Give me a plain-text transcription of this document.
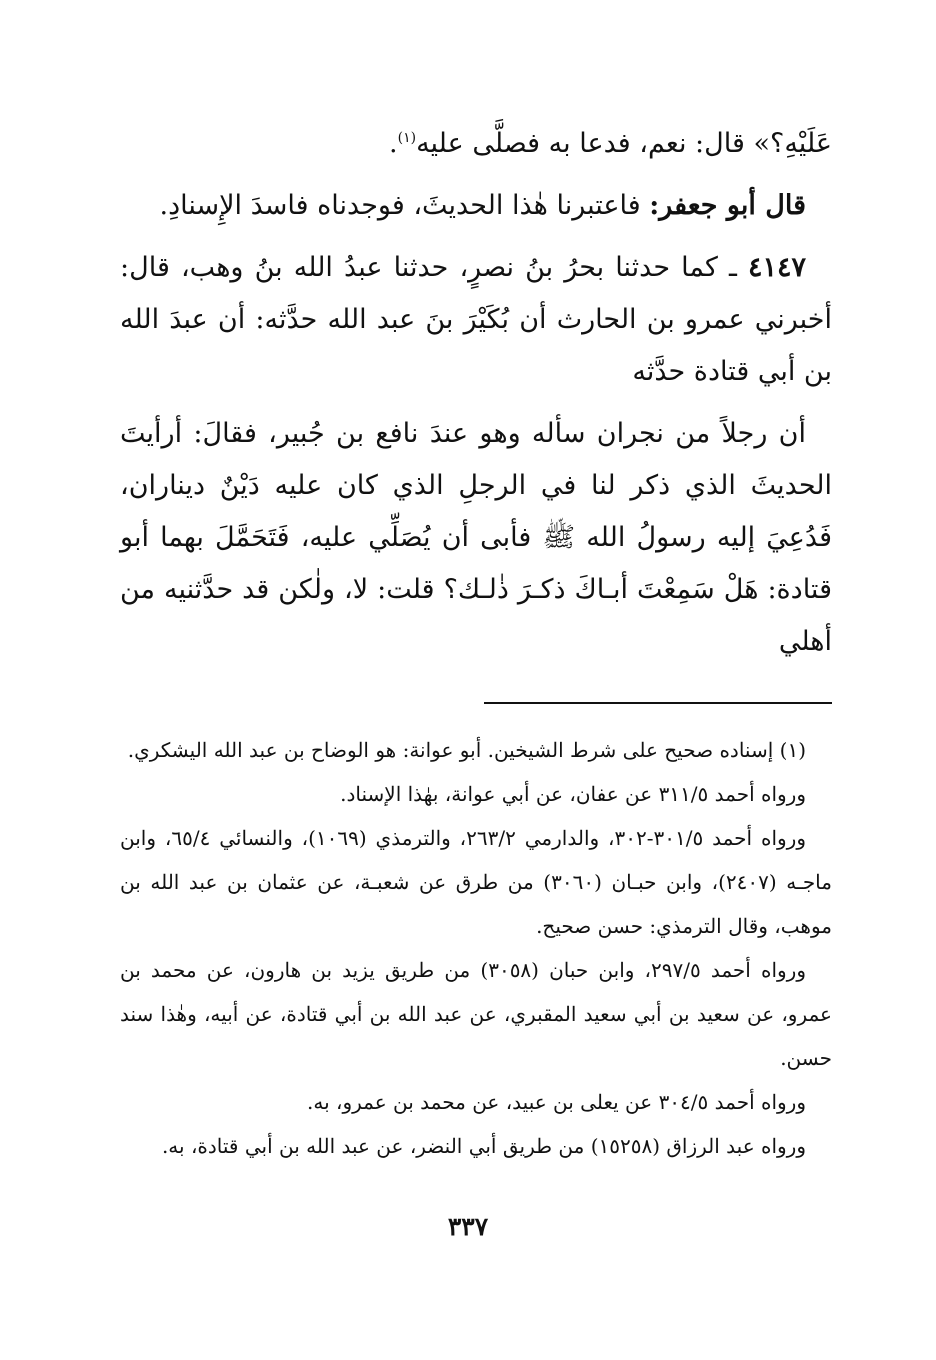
عَلَيْهِ؟» قال: نعم، فدعا به فصلَّى عليه$^{(١)}$.

قال أبو جعفر: فاعتبرنا هٰذا الحديثَ، فوجدناه فاسدَ الإِسنادِ.

٤١٤٧ ـ كما حدثنا بحرُ بنُ نصرٍ، حدثنا عبدُ الله بنُ وهب، قال: أخبرني عمرو بن الحارث أن بُكَيْرَ بنَ عبد الله حدَّثه: أن عبدَ الله بن أبي قتادة حدَّثه

أن رجلاً من نجران سأله وهو عندَ نافع بن جُبير، فقالَ: أرأيتَ الحديثَ الذي ذكر لنا في الرجلِ الذي كان عليه دَيْنٌ ديناران، فَدُعِيَ إليه رسولُ الله ﷺ فأبى أن يُصَلِّي عليه، فَتَحَمَّلَ بهما أبو قتادة: هَلْ سَمِعْتَ أبـاكَ ذكـرَ ذٰلـك؟ قلت: لا، ولٰكن قد حدَّثنيه من أهلي

(١) إسناده صحيح على شرط الشيخين. أبو عوانة: هو الوضاح بن عبد الله اليشكري.

ورواه أحمد ٣١١/٥ عن عفان، عن أبي عوانة، بهٰذا الإسناد.

ورواه أحمد ٣٠١/٥-٣٠٢، والدارمي ٢٦٣/٢، والترمذي (١٠٦٩)، والنسائي ٦٥/٤، وابن ماجـه (٢٤٠٧)، وابن حبـان (٣٠٦٠) من طرق عن شعبـة، عن عثمان بن عبد الله بن موهب، وقال الترمذي: حسن صحيح.

ورواه أحمد ٢٩٧/٥، وابن حبان (٣٠٥٨) من طريق يزيد بن هارون، عن محمد بن عمرو، عن سعيد بن أبي سعيد المقبري، عن عبد الله بن أبي قتادة، عن أبيه، وهٰذا سند حسن.

ورواه أحمد ٣٠٤/٥ عن يعلى بن عبيد، عن محمد بن عمرو، به.

ورواه عبد الرزاق (١٥٢٥٨) من طريق أبي النضر، عن عبد الله بن أبي قتادة، به.

٣٣٧
